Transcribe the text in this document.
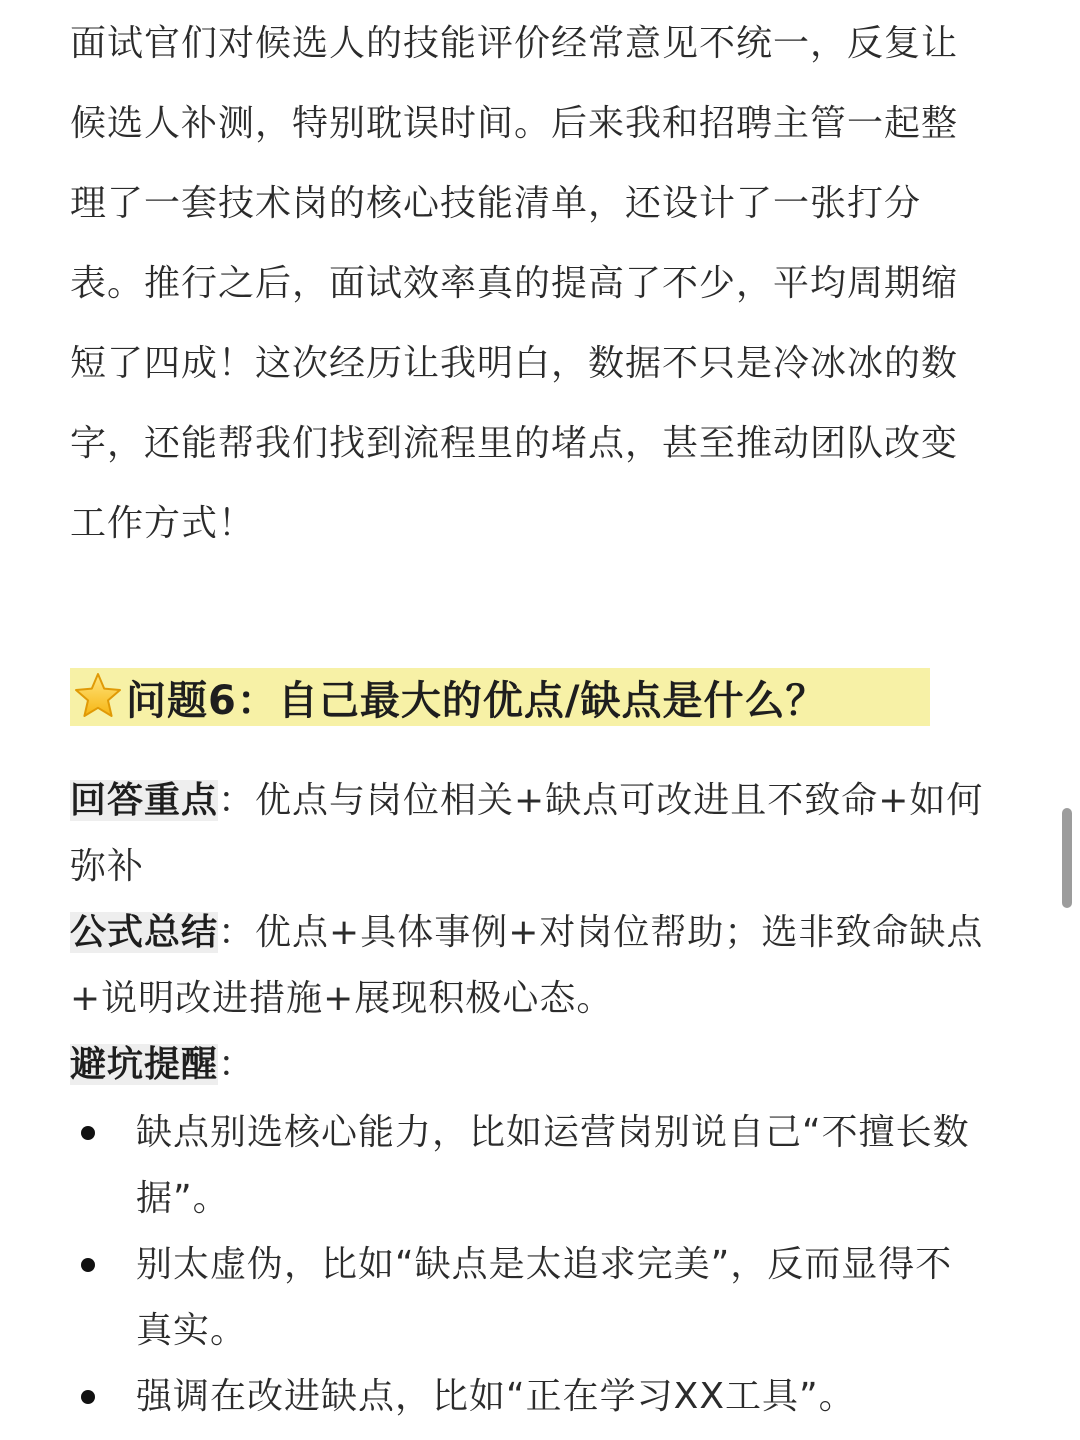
面试官们对候选人的技能评价经常意见不统一，反复让
候选人补测，特别耽误时间。后来我和招聘主管一起整
理了一套技术岗的核心技能清单，还设计了一张打分
表。推行之后，面试效率真的提高了不少，平均周期缩
短了四成！这次经历让我明白，数据不只是冷冰冰的数
字，还能帮我们找到流程里的堵点，甚至推动团队改变
工作方式！
问题6：自己最大的优点/缺点是什么？
回答重点：优点与岗位相关+缺点可改进且不致命+如何
弥补
公式总结：优点+具体事例+对岗位帮助；选非致命缺点
+说明改进措施+展现积极心态。
避坑提醒：
缺点别选核心能力，比如运营岗别说自己“不擅长数
据”。
别太虚伪，比如“缺点是太追求完美”，反而显得不
真实。
强调在改进缺点，比如“正在学习XX工具”。
